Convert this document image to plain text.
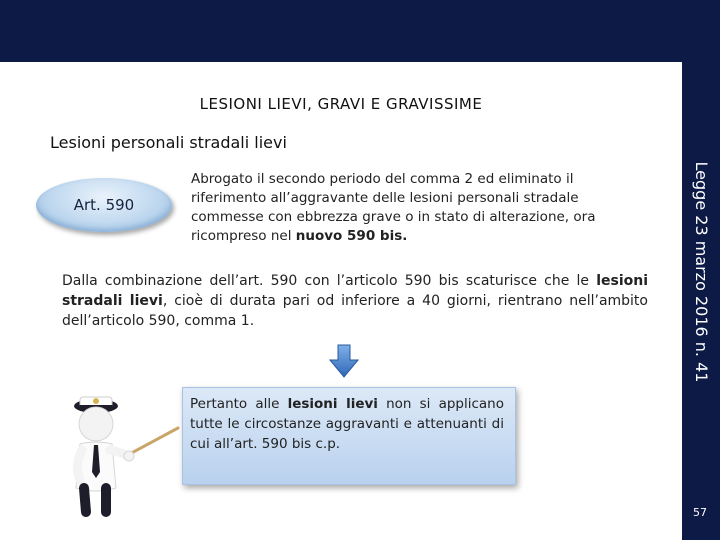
Legge 23 marzo 2016 n. 41
57
LESIONI LIEVI, GRAVI E GRAVISSIME
Lesioni personali stradali lievi
Art. 590
Abrogato il secondo periodo del comma 2 ed eliminato il riferimento all’aggravante delle lesioni personali stradale commesse con ebbrezza grave o in stato di alterazione, ora ricompreso nel nuovo 590 bis.
Dalla combinazione dell’art. 590 con l’articolo 590 bis scaturisce che le lesioni stradali lievi, cioè di durata pari od inferiore a 40 giorni, rientrano nell’ambito dell’articolo 590, comma 1.
Pertanto alle lesioni lievi non si applicano tutte le circostanze aggravanti e attenuanti di cui all’art. 590 bis c.p.
